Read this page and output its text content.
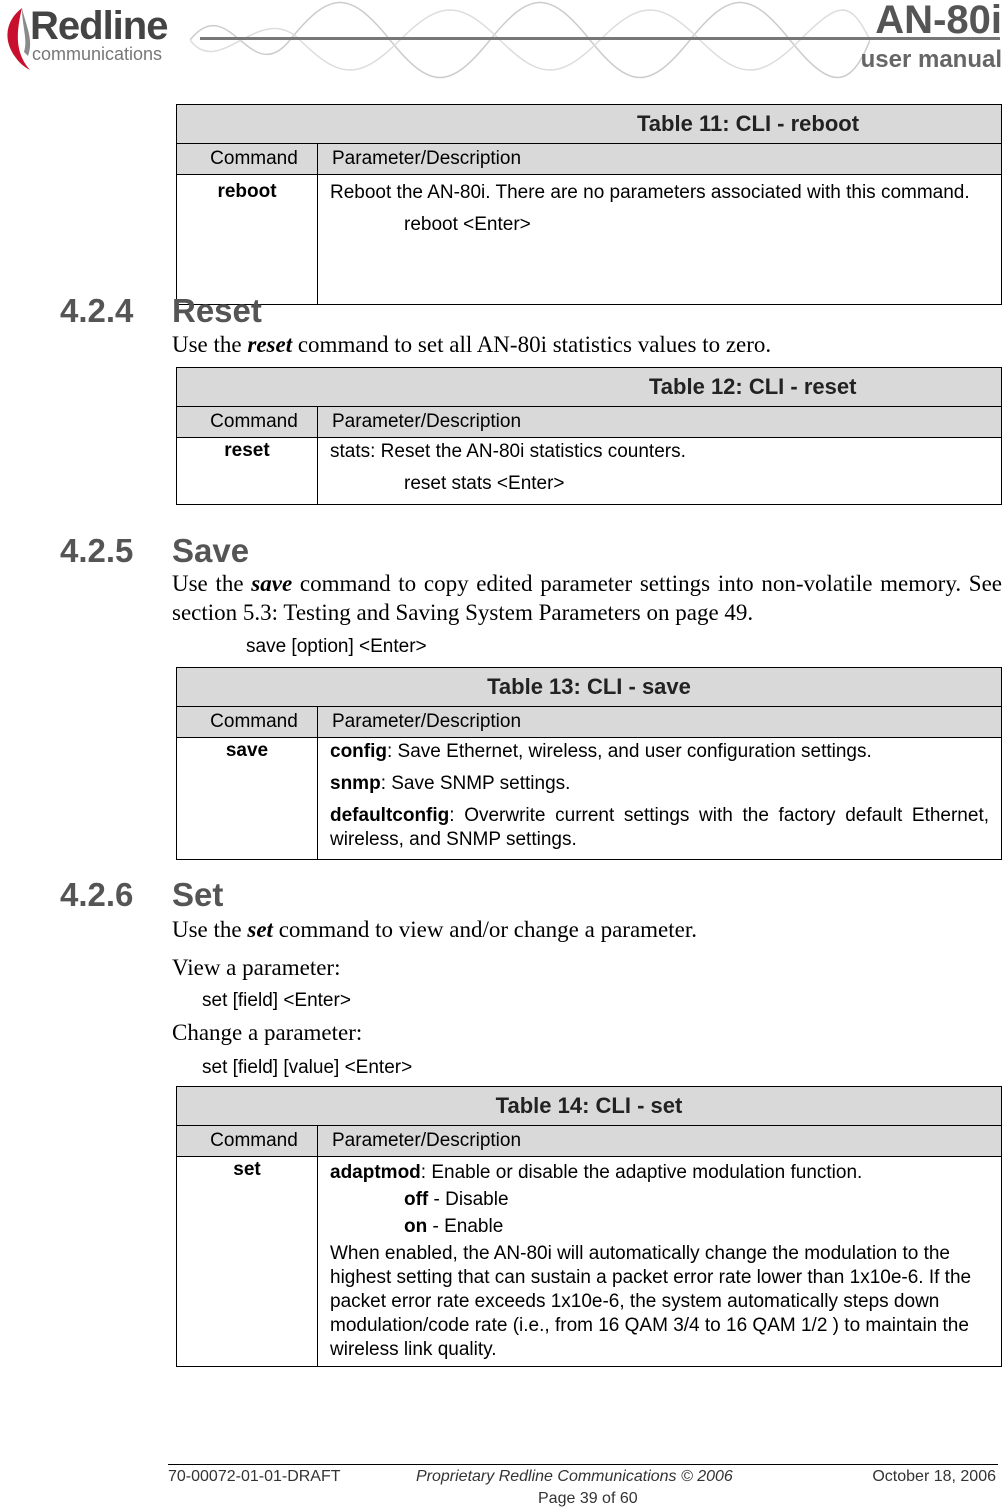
Redline
communications
AN-80i
user manual
Table 11: CLI - reboot	
Command	Parameter/Description
reboot	Reboot the AN-80i. There are no parameters associated with this command.

reboot <Enter>

4.2.4 Reset
Use the reset command to set all AN-80i statistics values to zero.
Table 12: CLI - reset	
Command	Parameter/Description
reset	stats: Reset the AN-80i statistics counters.

reset stats <Enter>

4.2.5 Save
Use the save command to copy edited parameter settings into non-volatile memory. See section 5.3: Testing and Saving System Parameters on page 49.
save [option] <Enter>
Table 13: CLI - save	
Command	Parameter/Description
save	config: Save Ethernet, wireless, and user configuration settings.

snmp: Save SNMP settings.

defaultconfig: Overwrite current settings with the factory default Ethernet, wireless, and SNMP settings.

4.2.6 Set
Use the set command to view and/or change a parameter.
View a parameter:
set [field] <Enter>
Change a parameter:
set [field] [value] <Enter>
Table 14: CLI - set	
Command	Parameter/Description
set	adaptmod: Enable or disable the adaptive modulation function.

off - Disable

on - Enable

When enabled, the AN-80i will automatically change the modulation to the highest setting that can sustain a packet error rate lower than 1x10e-6. If the packet error rate exceeds 1x10e-6, the system automatically steps down modulation/code rate (i.e., from 16 QAM 3/4 to 16 QAM 1/2 ) to maintain the wireless link quality.

70-00072-01-01-DRAFT	Proprietary Redline Communications © 2006	October 18, 2006
Page 39 of 60
